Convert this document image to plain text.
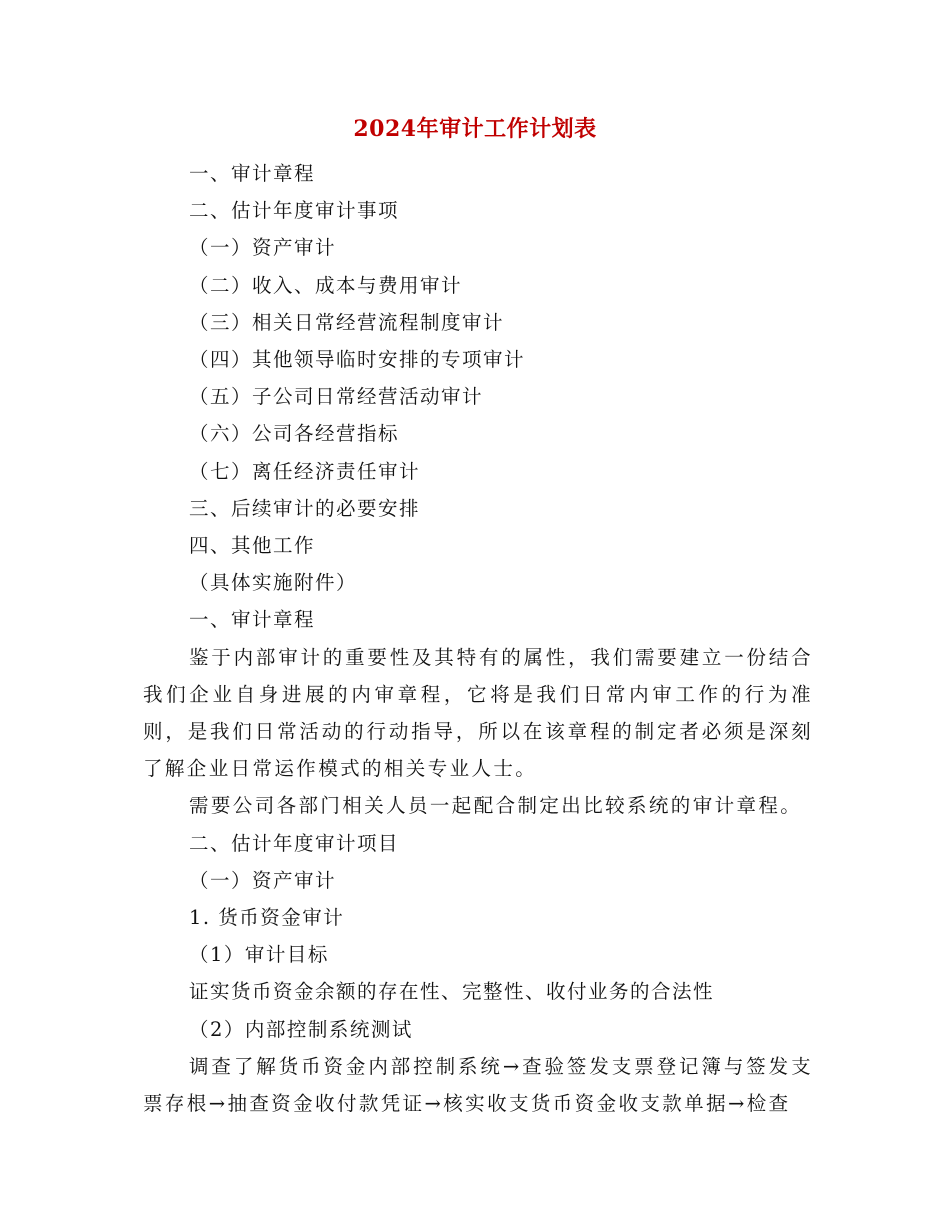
2024年审计工作计划表
一、审计章程
二、估计年度审计事项
（一）资产审计
（二）收入、成本与费用审计
（三）相关日常经营流程制度审计
（四）其他领导临时安排的专项审计
（五）子公司日常经营活动审计
（六）公司各经营指标
（七）离任经济责任审计
三、后续审计的必要安排
四、其他工作
（具体实施附件）
一、审计章程
鉴于内部审计的重要性及其特有的属性，我们需要建立一份结合我们企业自身进展的内审章程，它将是我们日常内审工作的行为准则，是我们日常活动的行动指导，所以在该章程的制定者必须是深刻了解企业日常运作模式的相关专业人士。
需要公司各部门相关人员一起配合制定出比较系统的审计章程。
二、估计年度审计项目
（一）资产审计
1. 货币资金审计
（1）审计目标
证实货币资金余额的存在性、完整性、收付业务的合法性
（2）内部控制系统测试
调查了解货币资金内部控制系统→查验签发支票登记簿与签发支票存根→抽查资金收付款凭证→核实收支货币资金收支款单据→检查
